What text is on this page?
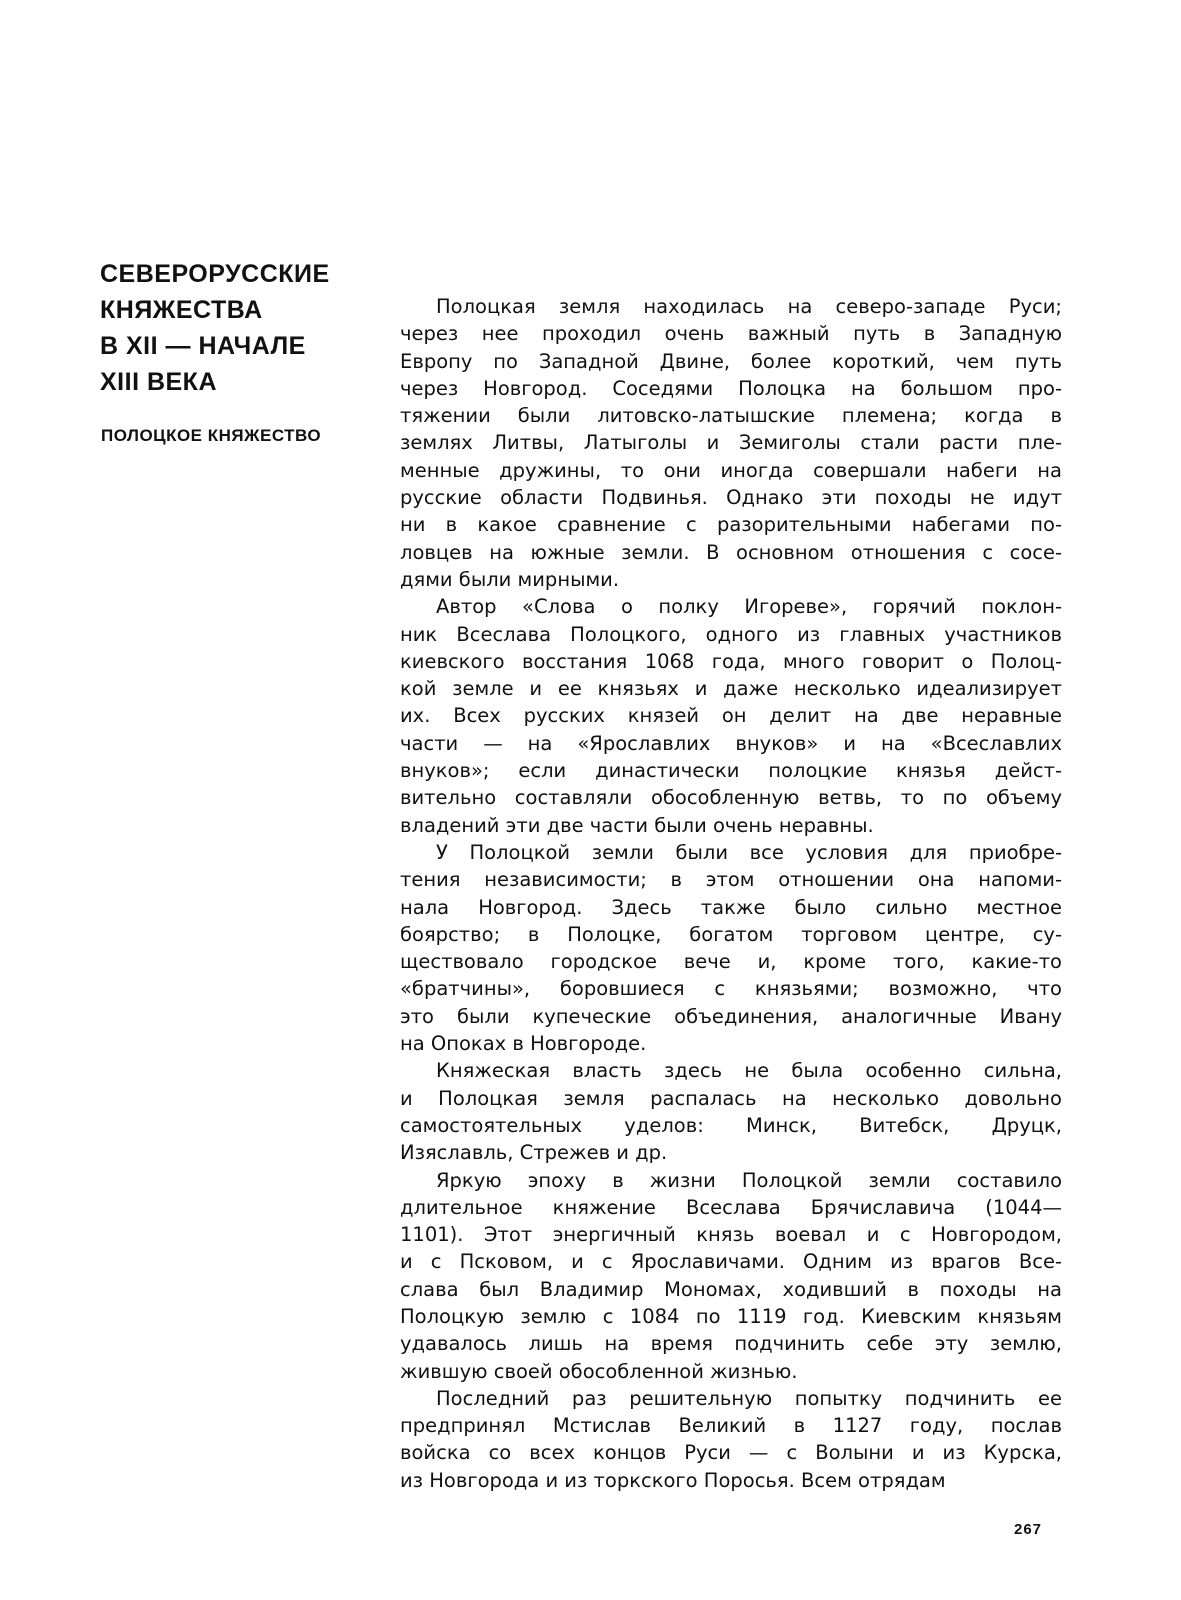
СЕВЕРОРУССКИЕ
КНЯЖЕСТВА
В XII — НАЧАЛЕ
XIII ВЕКА
ПОЛОЦКОЕ КНЯЖЕСТВО

Полоцкая земля находилась на северо-западе Руси;
через нее проходил очень важный путь в Западную
Европу по Западной Двине, более короткий, чем путь
через Новгород. Соседями Полоцка на большом про-
тяжении были литовско-латышские племена; когда в
землях Литвы, Латыголы и Земиголы стали расти пле-
менные дружины, то они иногда совершали набеги на
русские области Подвинья. Однако эти походы не идут
ни в какое сравнение с разорительными набегами по-
ловцев на южные земли. В основном отношения с сосе-
дями были мирными.

Автор «Слова о полку Игореве», горячий поклон-
ник Всеслава Полоцкого, одного из главных участников
киевского восстания 1068 года, много говорит о Полоц-
кой земле и ее князьях и даже несколько идеализирует
их. Всех русских князей он делит на две неравные
части — на «Ярославлих внуков» и на «Всеславлих
внуков»; если династически полоцкие князья дейст-
вительно составляли обособленную ветвь, то по объему
владений эти две части были очень неравны.

У Полоцкой земли были все условия для приобре-
тения независимости; в этом отношении она напоми-
нала Новгород. Здесь также было сильно местное
боярство; в Полоцке, богатом торговом центре, су-
ществовало городское вече и, кроме того, какие-то
«братчины», боровшиеся с князьями; возможно, что
это были купеческие объединения, аналогичные Ивану
на Опоках в Новгороде.

Княжеская власть здесь не была особенно сильна,
и Полоцкая земля распалась на несколько довольно
самостоятельных уделов: Минск, Витебск, Друцк,
Изяславль, Стрежев и др.

Яркую эпоху в жизни Полоцкой земли составило
длительное княжение Всеслава Брячиславича (1044—
1101). Этот энергичный князь воевал и с Новгородом,
и с Псковом, и с Ярославичами. Одним из врагов Все-
слава был Владимир Мономах, ходивший в походы на
Полоцкую землю с 1084 по 1119 год. Киевским князьям
удавалось лишь на время подчинить себе эту землю,
жившую своей обособленной жизнью.

Последний раз решительную попытку подчинить ее
предпринял Мстислав Великий в 1127 году, послав
войска со всех концов Руси — с Волыни и из Курска,
из Новгорода и из торкского Поросья. Всем отрядам

267
